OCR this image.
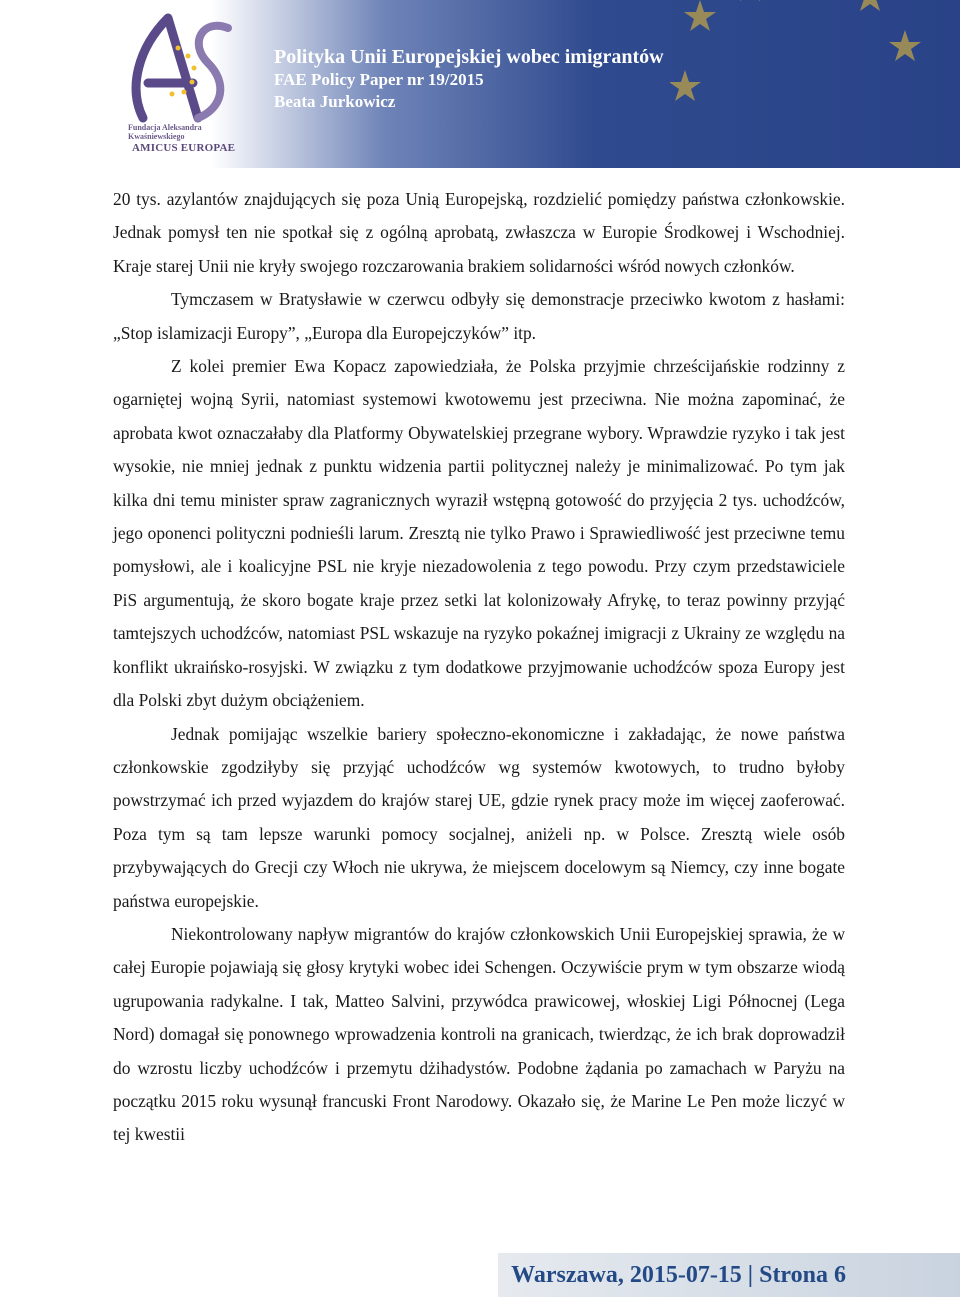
Fundacja Aleksandra Kwaśniewskiego
AMICUS EUROPAE
Polityka Unii Europejskiej wobec imigrantów
FAE Policy Paper nr 19/2015
Beata Jurkowicz

20 tys. azylantów znajdujących się poza Unią Europejską, rozdzielić pomiędzy państwa członkowskie. Jednak pomysł ten nie spotkał się z ogólną aprobatą, zwłaszcza w Europie Środkowej i Wschodniej. Kraje starej Unii nie kryły swojego rozczarowania brakiem solidarności wśród nowych członków.

Tymczasem w Bratysławie w czerwcu odbyły się demonstracje przeciwko kwotom z hasłami: „Stop islamizacji Europy”, „Europa dla Europejczyków” itp.

Z kolei premier Ewa Kopacz zapowiedziała, że Polska przyjmie chrześcijańskie rodzinny z ogarniętej wojną Syrii, natomiast systemowi kwotowemu jest przeciwna. Nie można zapominać, że aprobata kwot oznaczałaby dla Platformy Obywatelskiej przegrane wybory. Wprawdzie ryzyko i tak jest wysokie, nie mniej jednak z punktu widzenia partii politycznej należy je minimalizować. Po tym jak kilka dni temu minister spraw zagranicznych wyraził wstępną gotowość do przyjęcia 2 tys. uchodźców, jego oponenci polityczni podnieśli larum. Zresztą nie tylko Prawo i Sprawiedliwość jest przeciwne temu pomysłowi, ale i koalicyjne PSL nie kryje niezadowolenia z tego powodu. Przy czym przedstawiciele PiS argumentują, że skoro bogate kraje przez setki lat kolonizowały Afrykę, to teraz powinny przyjąć tamtejszych uchodźców, natomiast PSL wskazuje na ryzyko pokaźnej imigracji z Ukrainy ze względu na konflikt ukraińsko-rosyjski. W związku z tym dodatkowe przyjmowanie uchodźców spoza Europy jest dla Polski zbyt dużym obciążeniem.

Jednak pomijając wszelkie bariery społeczno-ekonomiczne i zakładając, że nowe państwa członkowskie zgodziłyby się przyjąć uchodźców wg systemów kwotowych, to trudno byłoby powstrzymać ich przed wyjazdem do krajów starej UE, gdzie rynek pracy może im więcej zaoferować. Poza tym są tam lepsze warunki pomocy socjalnej, aniżeli np. w Polsce. Zresztą wiele osób przybywających do Grecji czy Włoch nie ukrywa, że miejscem docelowym są Niemcy, czy inne bogate państwa europejskie.

Niekontrolowany napływ migrantów do krajów członkowskich Unii Europejskiej sprawia, że w całej Europie pojawiają się głosy krytyki wobec idei Schengen. Oczywiście prym w tym obszarze wiodą ugrupowania radykalne. I tak, Matteo Salvini, przywódca prawicowej, włoskiej Ligi Północnej (Lega Nord) domagał się ponownego wprowadzenia kontroli na granicach, twierdząc, że ich brak doprowadził do wzrostu liczby uchodźców i przemytu dżihadystów. Podobne żądania po zamachach w Paryżu na początku 2015 roku wysunął francuski Front Narodowy. Okazało się, że Marine Le Pen może liczyć w tej kwestii

Warszawa, 2015-07-15 | Strona 6
